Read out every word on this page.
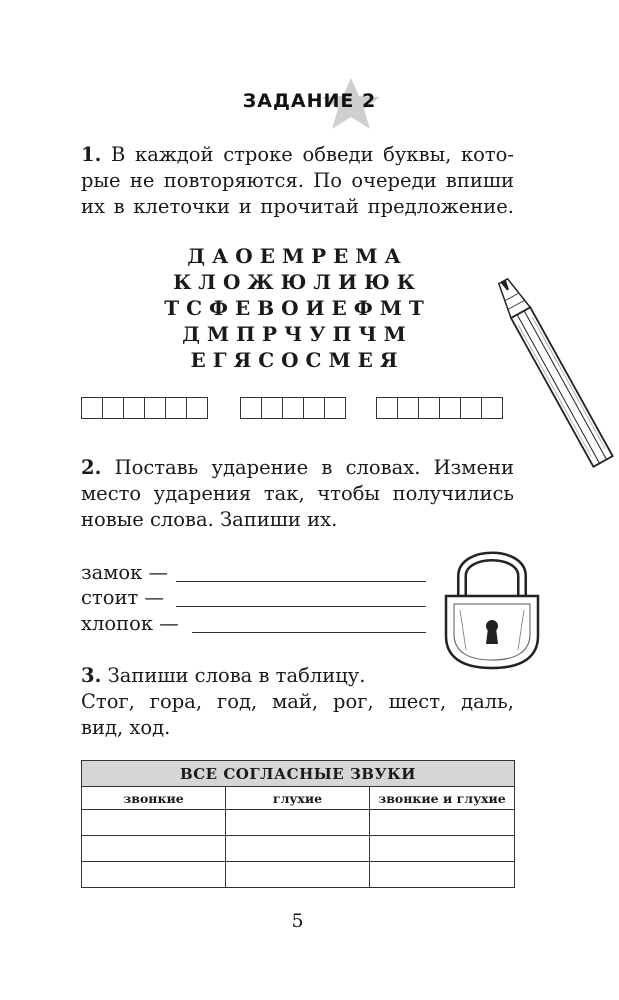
ЗАДАНИЕ 2
1. В каждой строке обведи буквы, кото-
рые не повторяются. По очереди впиши
их в клеточки и прочитай предложение.
ДАОЕМРЕМА
КЛОЖЮЛИЮК
ТСФЕВОИЕФМТ
ДМПРЧУПЧМ
ЕГЯСОСМЕЯ
2. Поставь ударение в словах. Измени
место ударения так, чтобы получились
новые слова. Запиши их.
замок —
стоит —
хлопок —
3. Запиши слова в таблицу.
Стог, гора, год, май, рог, шест, даль,
вид, ход.
ВСЕ СОГЛАСНЫЕ ЗВУКИ		
звонкие	глухие	звонкие и глухие

5
